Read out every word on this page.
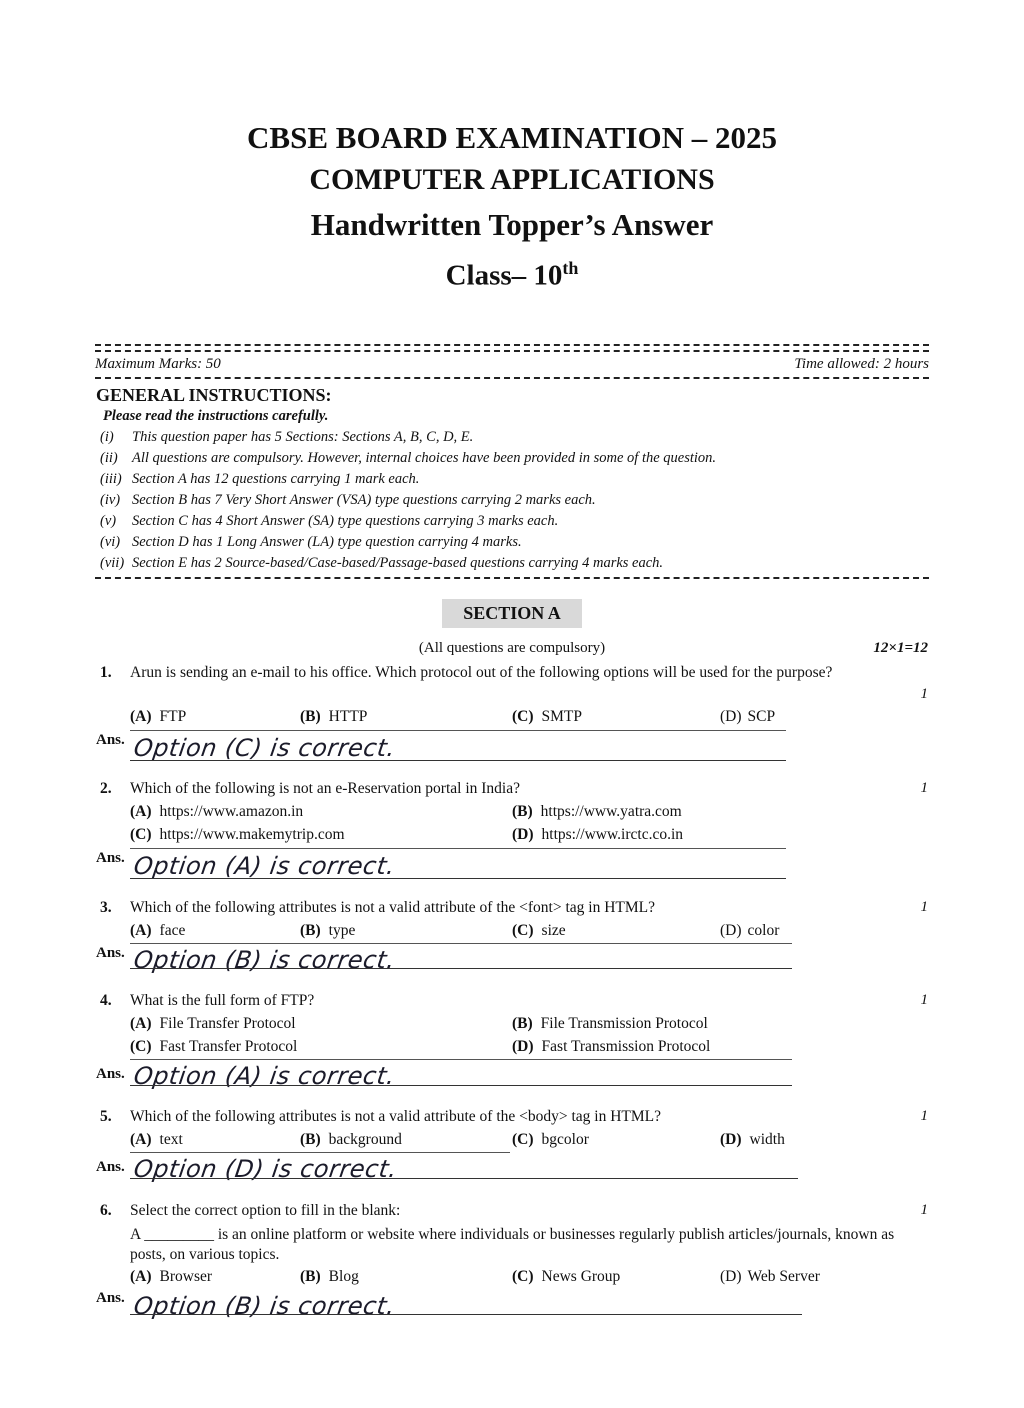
CBSE BOARD EXAMINATION – 2025

COMPUTER APPLICATIONS

Handwritten Topper’s Answer

Class– 10th

Maximum Marks: 50	Time allowed: 2 hours
GENERAL INSTRUCTIONS:
Please read the instructions carefully.
(i) This question paper has 5 Sections: Sections A, B, C, D, E.
(ii) All questions are compulsory. However, internal choices have been provided in some of the question.
(iii) Section A has 12 questions carrying 1 mark each.
(iv) Section B has 7 Very Short Answer (VSA) type questions carrying 2 marks each.
(v) Section C has 4 Short Answer (SA) type questions carrying 3 marks each.
(vi) Section D has 1 Long Answer (LA) type question carrying 4 marks.
(vii) Section E has 2 Source-based/Case-based/Passage-based questions carrying 4 marks each.
SECTION A
(All questions are compulsory)	12×1=12
1. Arun is sending an e-mail to his office. Which protocol out of the following options will be used for the purpose?
1
(A) FTP	(B) HTTP	(C) SMTP	(D) SCP
Ans. Option (C) is correct.
2. Which of the following is not an e-Reservation portal in India?	1
(A) https://www.amazon.in	(B) https://www.yatra.com
(C) https://www.makemytrip.com	(D) https://www.irctc.co.in
Ans. Option (A) is correct.
3. Which of the following attributes is not a valid attribute of the <font> tag in HTML?	1
(A) face	(B) type	(C) size	(D) color
Ans. Option (B) is correct.
4. What is the full form of FTP?	1
(A) File Transfer Protocol	(B) File Transmission Protocol
(C) Fast Transfer Protocol	(D) Fast Transmission Protocol
Ans. Option (A) is correct.
5. Which of the following attributes is not a valid attribute of the <body> tag in HTML?	1
(A) text	(B) background	(C) bgcolor	(D) width
Ans. Option (D) is correct.
6. Select the correct option to fill in the blank:	1
A _________ is an online platform or website where individuals or businesses regularly publish articles/journals, known as posts, on various topics.
(A) Browser	(B) Blog	(C) News Group	(D) Web Server
Ans. Option (B) is correct.
